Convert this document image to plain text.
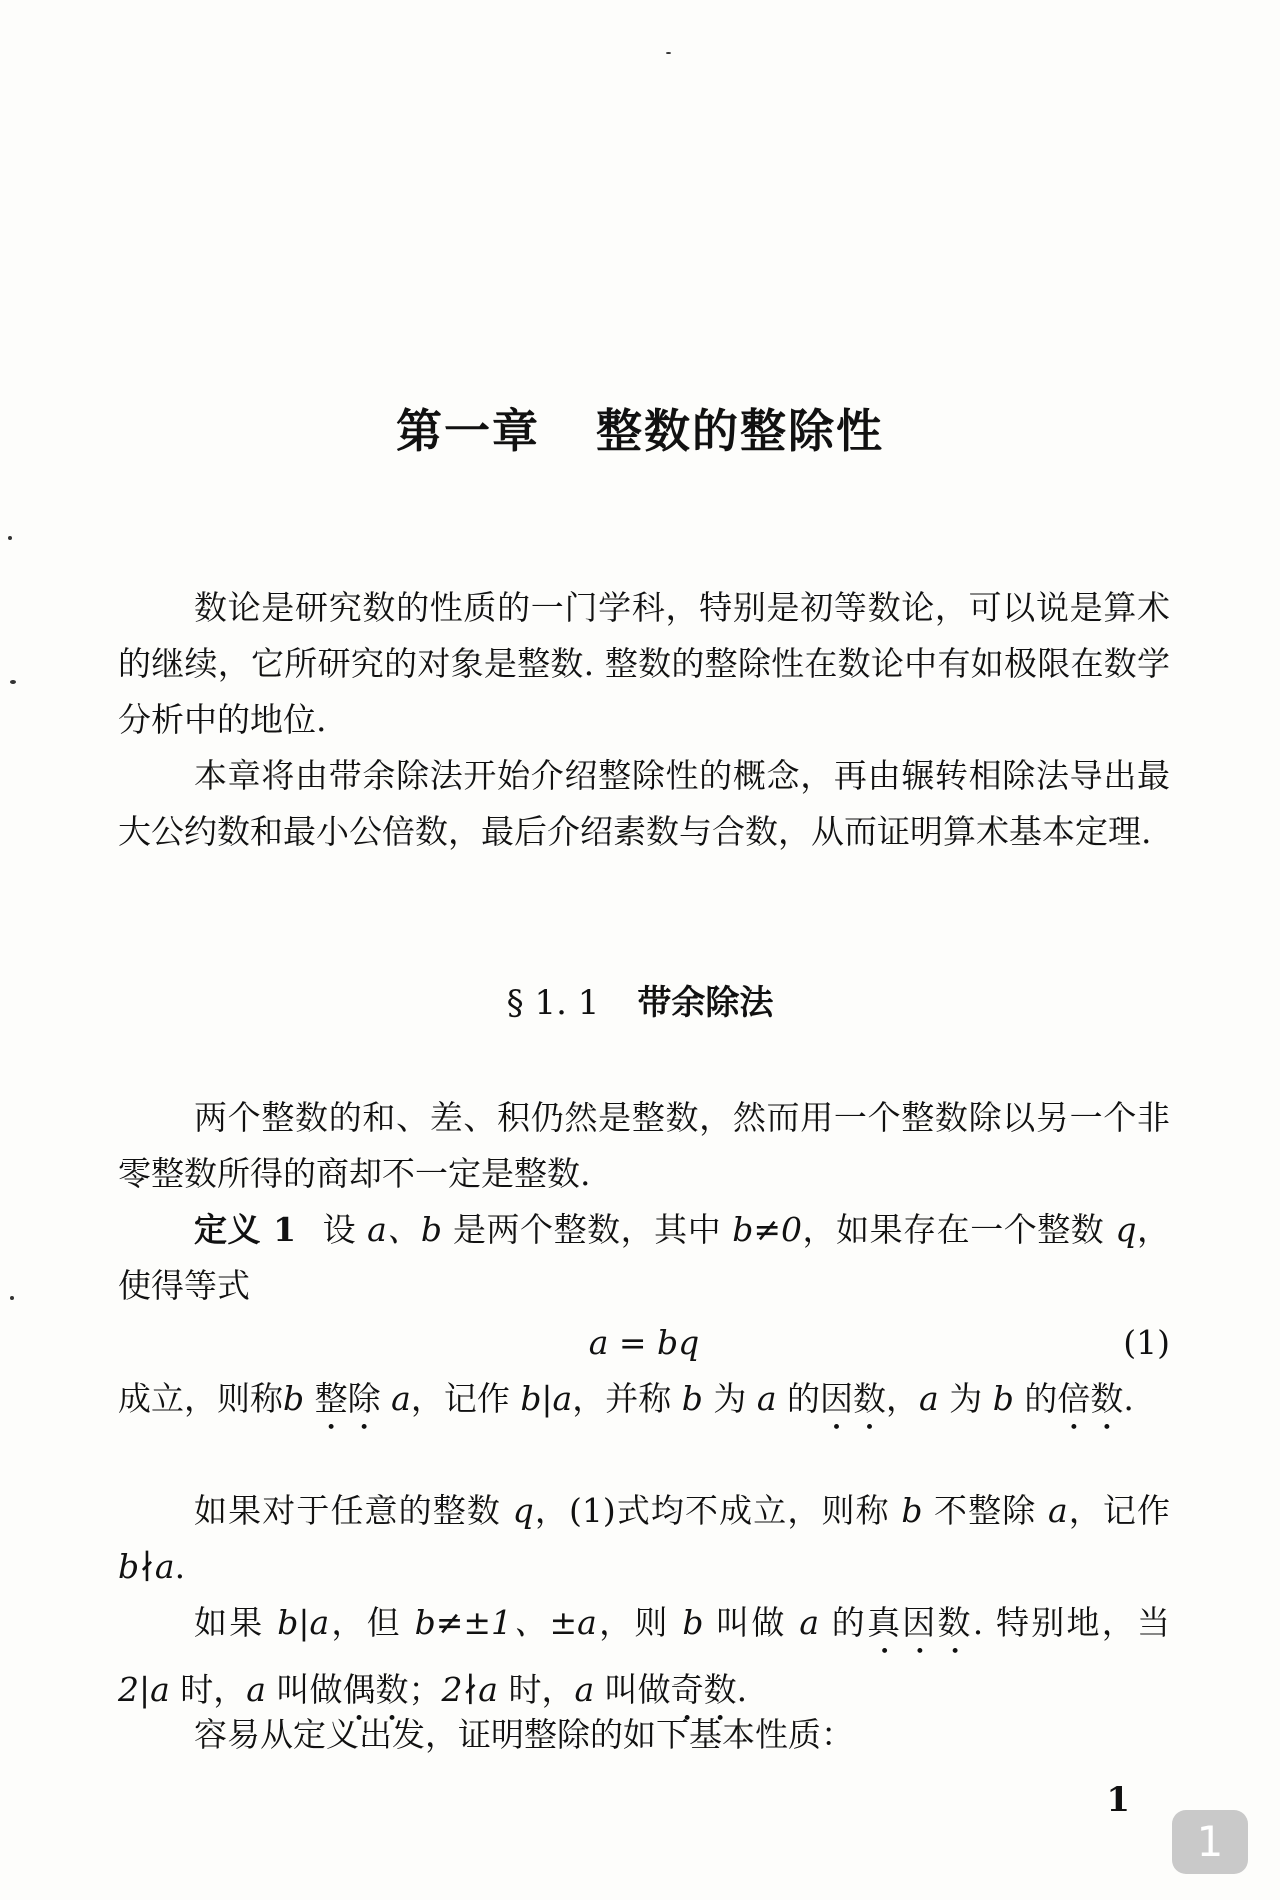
第一章 整数的整除性

数论是研究数的性质的一门学科，特别是初等数论，可以说是算术的继续，它所研究的对象是整数. 整数的整除性在数论中有如极限在数学分析中的地位.

本章将由带余除法开始介绍整除性的概念，再由辗转相除法导出最大公约数和最小公倍数，最后介绍素数与合数，从而证明算术基本定理.

§ 1. 1 带余除法

两个整数的和、差、积仍然是整数，然而用一个整数除以另一个非零整数所得的商却不一定是整数.

定义 1 设 a、b 是两个整数，其中 b≠0，如果存在一个整数 q，使得等式

a = bq	(1)

成立，则称b 整除 a，记作 b|a，并称 b 为 a 的因数，a 为 b 的倍数.

如果对于任意的整数 q，(1)式均不成立，则称 b 不整除 a，记作 b∤a.

如果 b|a，但 b≠±1、±a，则 b 叫做 a 的真因数. 特别地，当 2|a 时，a 叫做偶数；2∤a 时，a 叫做奇数.

容易从定义出发，证明整除的如下基本性质：

1
1
